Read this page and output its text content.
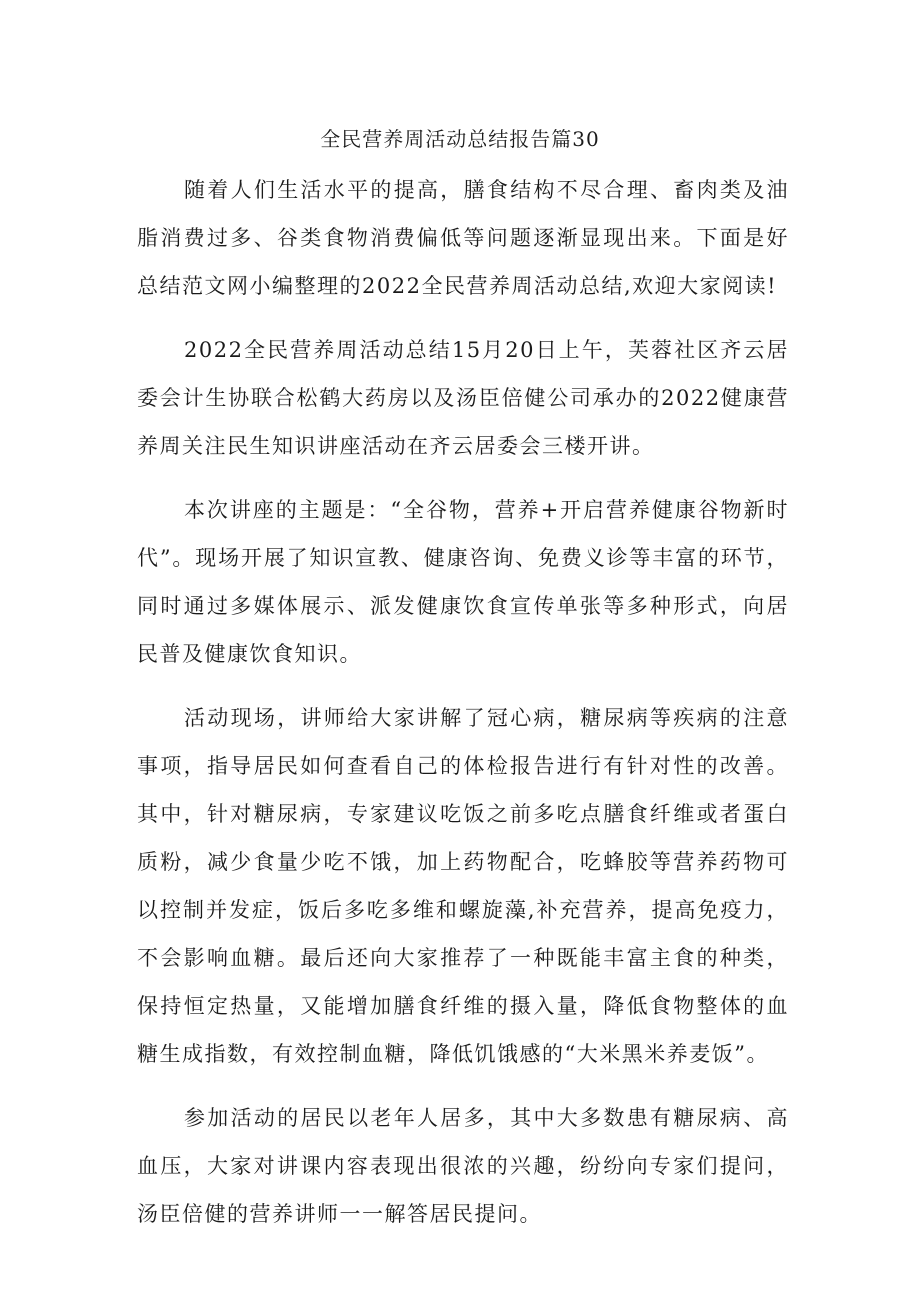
全民营养周活动总结报告篇30

随着人们生活水平的提高，膳食结构不尽合理、畜肉类及油脂消费过多、谷类食物消费偏低等问题逐渐显现出来。下面是好总结范文网小编整理的2022全民营养周活动总结,欢迎大家阅读!

2022全民营养周活动总结15月20日上午，芙蓉社区齐云居委会计生协联合松鹤大药房以及汤臣倍健公司承办的2022健康营养周关注民生知识讲座活动在齐云居委会三楼开讲。

本次讲座的主题是：“全谷物，营养+开启营养健康谷物新时代”。现场开展了知识宣教、健康咨询、免费义诊等丰富的环节，同时通过多媒体展示、派发健康饮食宣传单张等多种形式，向居民普及健康饮食知识。

活动现场，讲师给大家讲解了冠心病，糖尿病等疾病的注意事项，指导居民如何查看自己的体检报告进行有针对性的改善。其中，针对糖尿病，专家建议吃饭之前多吃点膳食纤维或者蛋白质粉，减少食量少吃不饿，加上药物配合，吃蜂胶等营养药物可以控制并发症，饭后多吃多维和螺旋藻,补充营养，提高免疫力，不会影响血糖。最后还向大家推荐了一种既能丰富主食的种类，保持恒定热量，又能增加膳食纤维的摄入量，降低食物整体的血糖生成指数，有效控制血糖，降低饥饿感的“大米黑米养麦饭”。

参加活动的居民以老年人居多，其中大多数患有糖尿病、高血压，大家对讲课内容表现出很浓的兴趣，纷纷向专家们提问，汤臣倍健的营养讲师一一解答居民提问。
